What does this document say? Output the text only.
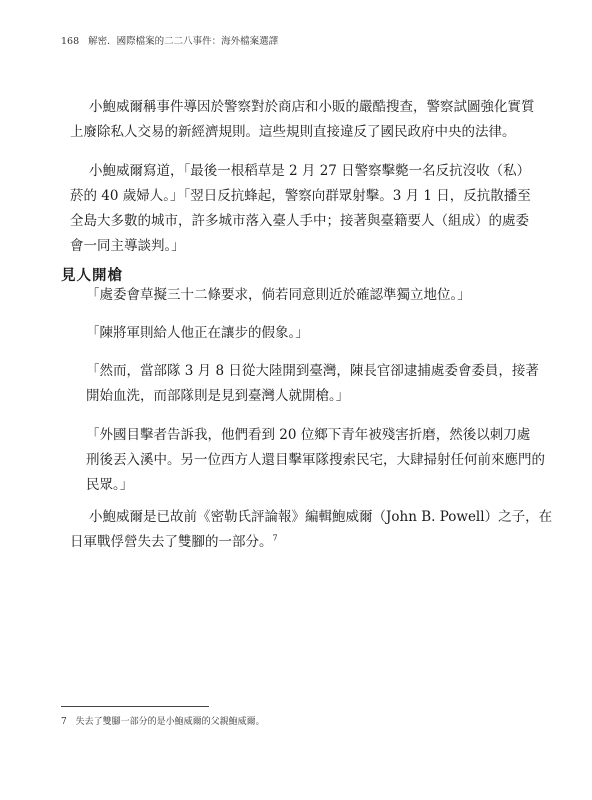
168 解密．國際檔案的二二八事件：海外檔案選譯
小鮑威爾稱事件導因於警察對於商店和小販的嚴酷搜查，警察試圖強化實質
上廢除私人交易的新經濟規則。這些規則直接違反了國民政府中央的法律。
小鮑威爾寫道，「最後一根稻草是 2 月 27 日警察擊斃一名反抗沒收（私）
菸的 40 歲婦人。」「翌日反抗蜂起，警察向群眾射擊。3 月 1 日，反抗散播至
全島大多數的城市，許多城市落入臺人手中；接著與臺籍要人（組成）的處委
會一同主導談判。」
見人開槍
「處委會草擬三十二條要求，倘若同意則近於確認準獨立地位。」
「陳將軍則給人他正在讓步的假象。」
「然而，當部隊 3 月 8 日從大陸開到臺灣，陳長官卻逮捕處委會委員，接著
開始血洗，而部隊則是見到臺灣人就開槍。」
「外國目擊者告訴我，他們看到 20 位鄉下青年被殘害折磨，然後以刺刀處
刑後丟入溪中。另一位西方人還目擊軍隊搜索民宅，大肆掃射任何前來應門的
民眾。」
小鮑威爾是已故前《密勒氏評論報》編輯鮑威爾（John B. Powell）之子，在
日軍戰俘營失去了雙腳的一部分。$^7$
7 失去了雙腳一部分的是小鮑威爾的父親鮑威爾。
